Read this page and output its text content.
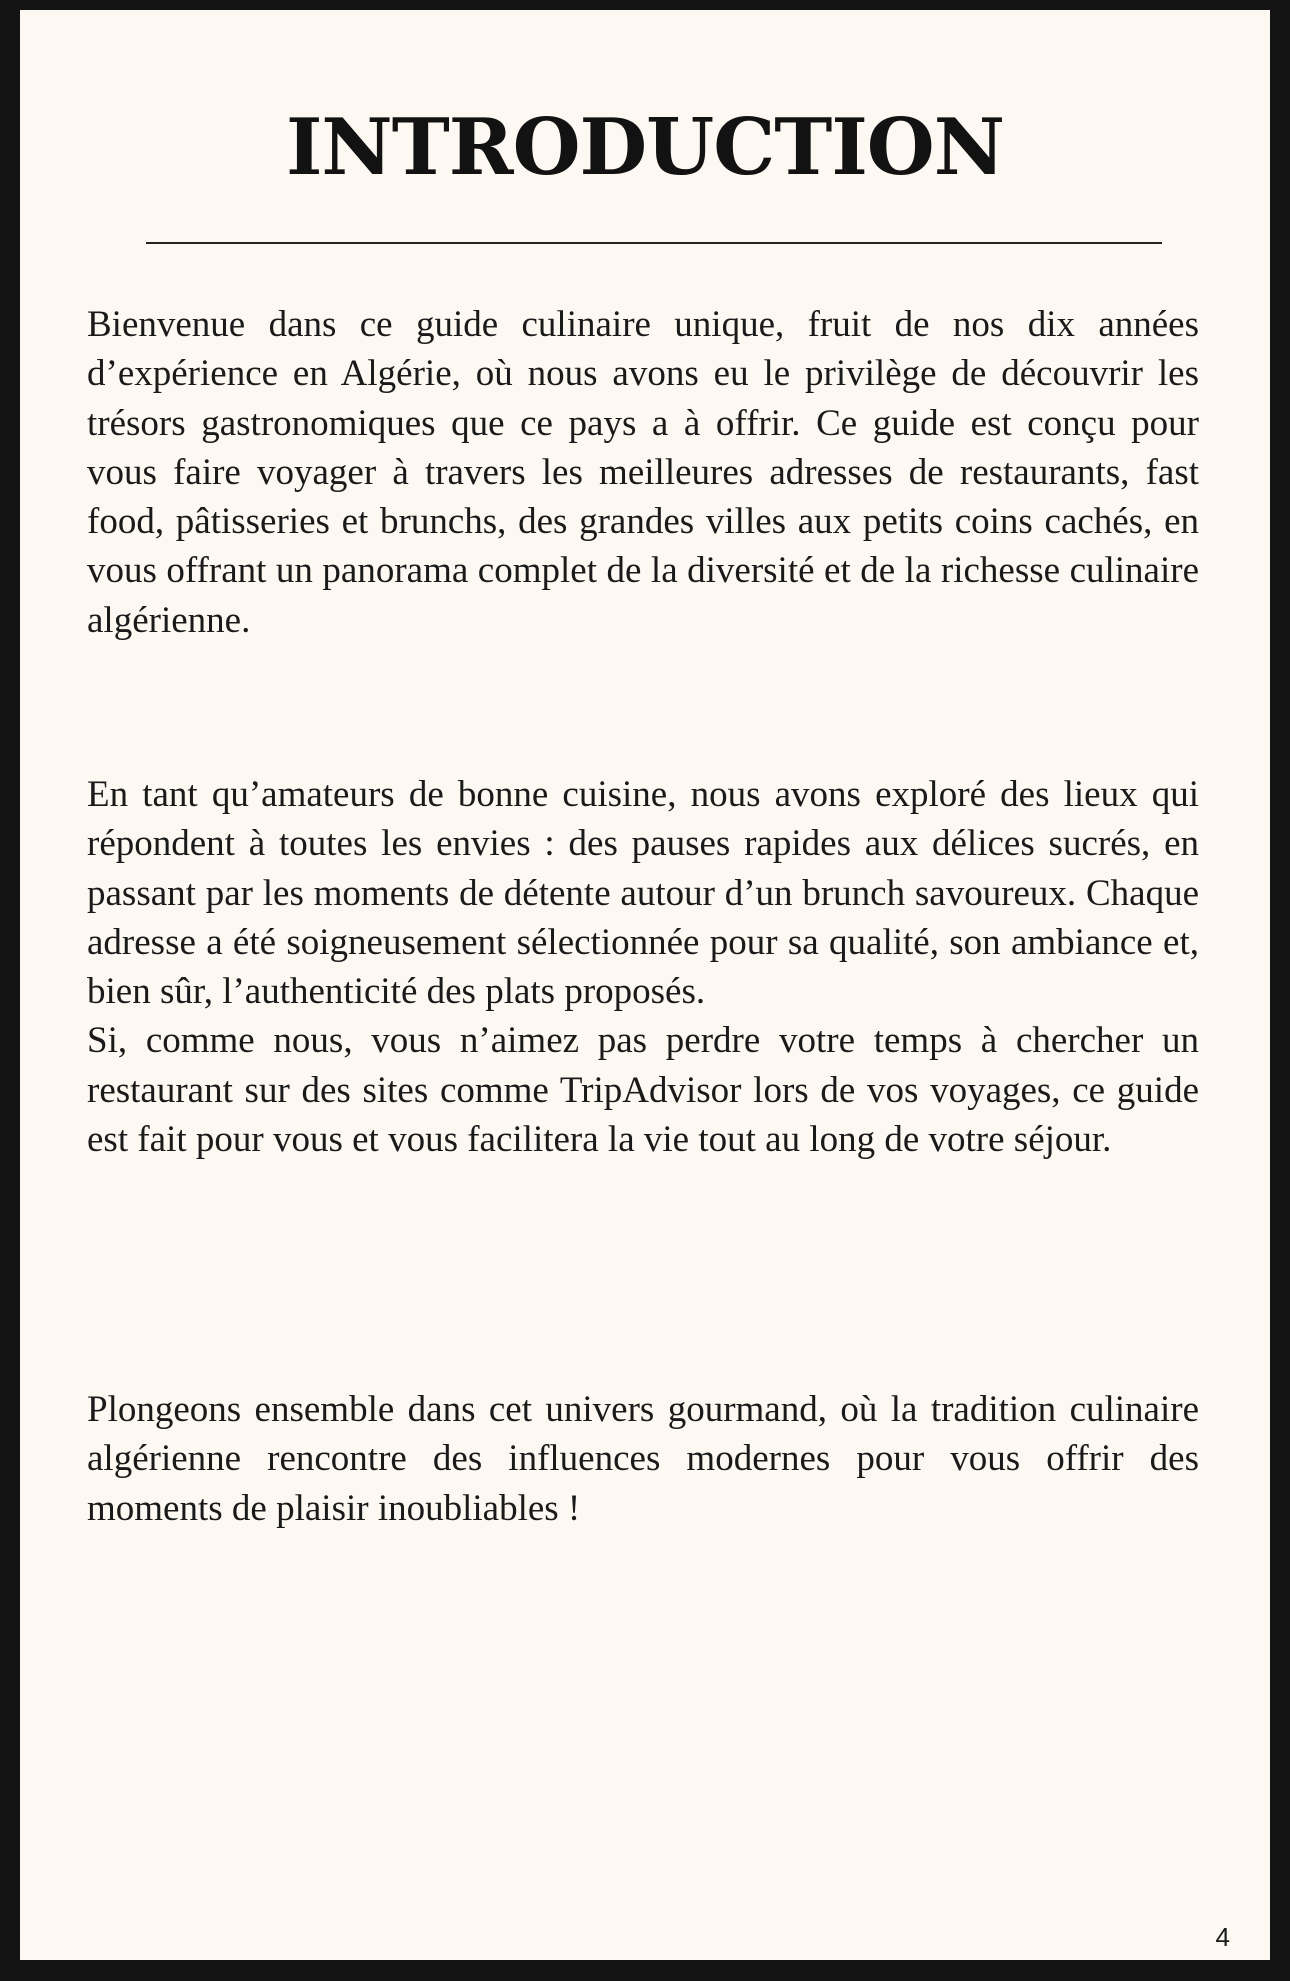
INTRODUCTION

Bienvenue dans ce guide culinaire unique, fruit de nos dix années d’expérience en Algérie, où nous avons eu le privilège de découvrir les trésors gastronomiques que ce pays a à offrir. Ce guide est conçu pour vous faire voyager à travers les meilleures adresses de restaurants, fast food, pâtisseries et brunchs, des grandes villes aux petits coins cachés, en vous offrant un panorama complet de la diversité et de la richesse culinaire algérienne.

En tant qu’amateurs de bonne cuisine, nous avons exploré des lieux qui répondent à toutes les envies : des pauses rapides aux délices sucrés, en passant par les moments de détente autour d’un brunch savoureux. Chaque adresse a été soigneusement sélectionnée pour sa qualité, son ambiance et, bien sûr, l’authenticité des plats proposés.

Si, comme nous, vous n’aimez pas perdre votre temps à chercher un restaurant sur des sites comme TripAdvisor lors de vos voyages, ce guide est fait pour vous et vous facilitera la vie tout au long de votre séjour.

Plongeons ensemble dans cet univers gourmand, où la tradition culinaire algérienne rencontre des influences modernes pour vous offrir des moments de plaisir inoubliables !

4
